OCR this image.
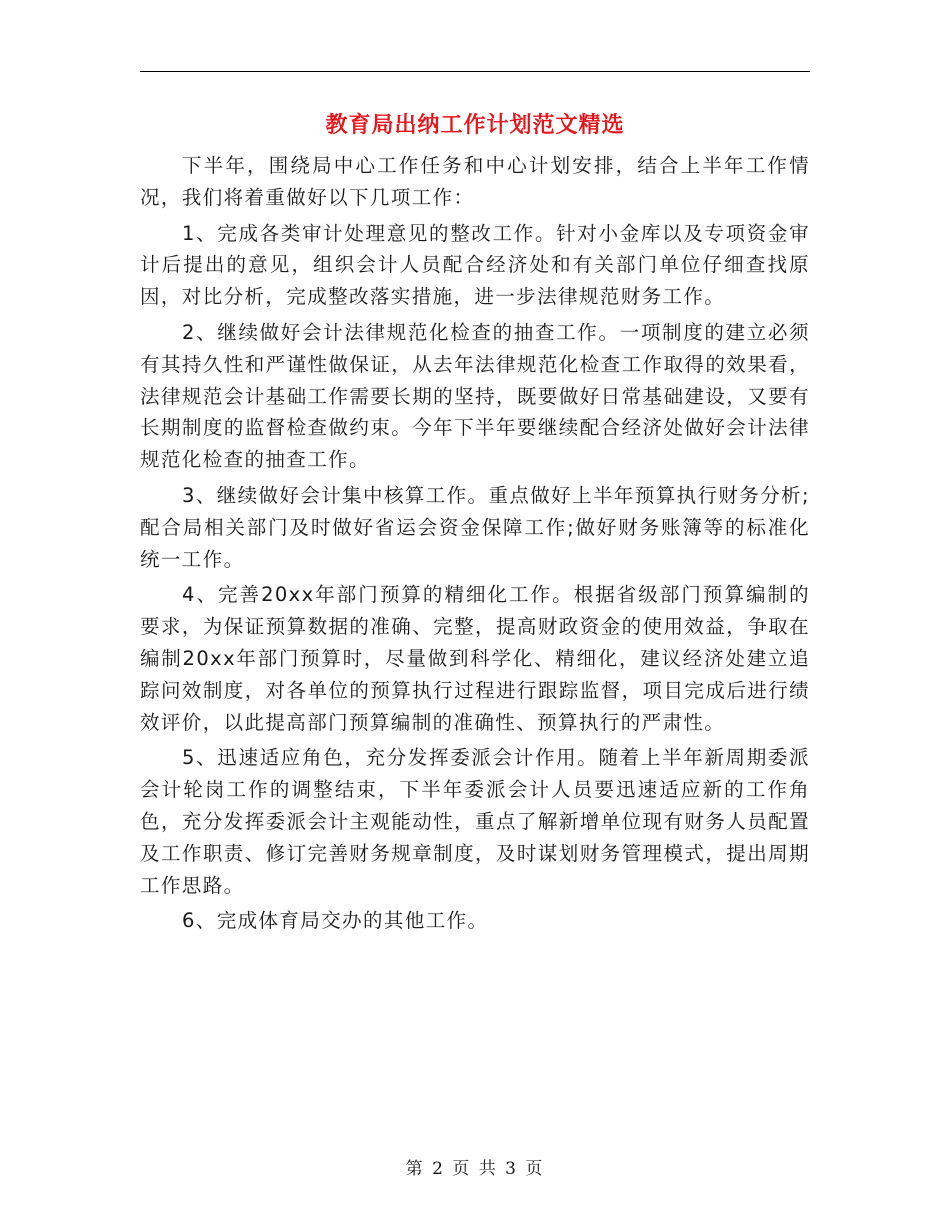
教育局出纳工作计划范文精选

下半年，围绕局中心工作任务和中心计划安排，结合上半年工作情况，我们将着重做好以下几项工作：

1、完成各类审计处理意见的整改工作。针对小金库以及专项资金审计后提出的意见，组织会计人员配合经济处和有关部门单位仔细查找原因，对比分析，完成整改落实措施，进一步法律规范财务工作。

2、继续做好会计法律规范化检查的抽查工作。一项制度的建立必须有其持久性和严谨性做保证，从去年法律规范化检查工作取得的效果看，法律规范会计基础工作需要长期的坚持，既要做好日常基础建设，又要有长期制度的监督检查做约束。今年下半年要继续配合经济处做好会计法律规范化检查的抽查工作。

3、继续做好会计集中核算工作。重点做好上半年预算执行财务分析;配合局相关部门及时做好省运会资金保障工作;做好财务账簿等的标准化统一工作。

4、完善20xx年部门预算的精细化工作。根据省级部门预算编制的要求，为保证预算数据的准确、完整，提高财政资金的使用效益，争取在编制20xx年部门预算时，尽量做到科学化、精细化，建议经济处建立追踪问效制度，对各单位的预算执行过程进行跟踪监督，项目完成后进行绩效评价，以此提高部门预算编制的准确性、预算执行的严肃性。

5、迅速适应角色，充分发挥委派会计作用。随着上半年新周期委派会计轮岗工作的调整结束，下半年委派会计人员要迅速适应新的工作角色，充分发挥委派会计主观能动性，重点了解新增单位现有财务人员配置及工作职责、修订完善财务规章制度，及时谋划财务管理模式，提出周期工作思路。

6、完成体育局交办的其他工作。

第 2 页 共 3 页
